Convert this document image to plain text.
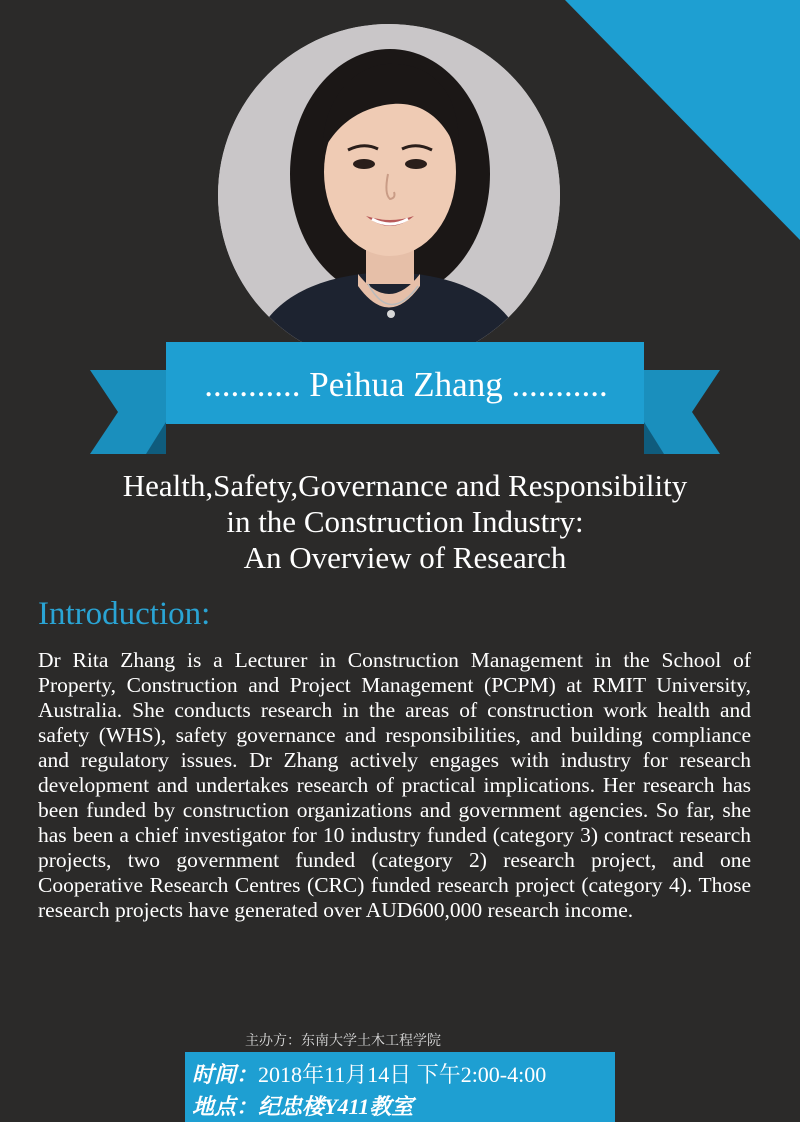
........... Peihua Zhang ...........
Health,Safety,Governance and Responsibility
in the Construction Industry:
An Overview of Research
Introduction:
Dr Rita Zhang is a Lecturer in Construction Management in the School of Property, Construction and Project Management (PCPM) at RMIT University, Australia. She conducts research in the areas of construction work health and safety (WHS), safety governance and responsibilities, and building compliance and regulatory issues. Dr Zhang actively engages with industry for research development and undertakes research of practical implications. Her research has been funded by construction organizations and government agencies. So far, she has been a chief investigator for 10 industry funded (category 3) contract research projects, two government funded (category 2) research project, and one Cooperative Research Centres (CRC) funded research project (category 4). Those research projects have generated over AUD600,000 research income.
主办方：东南大学土木工程学院
时间：2018年11月14日 下午2:00-4:00
地点：纪忠楼Y411教室
